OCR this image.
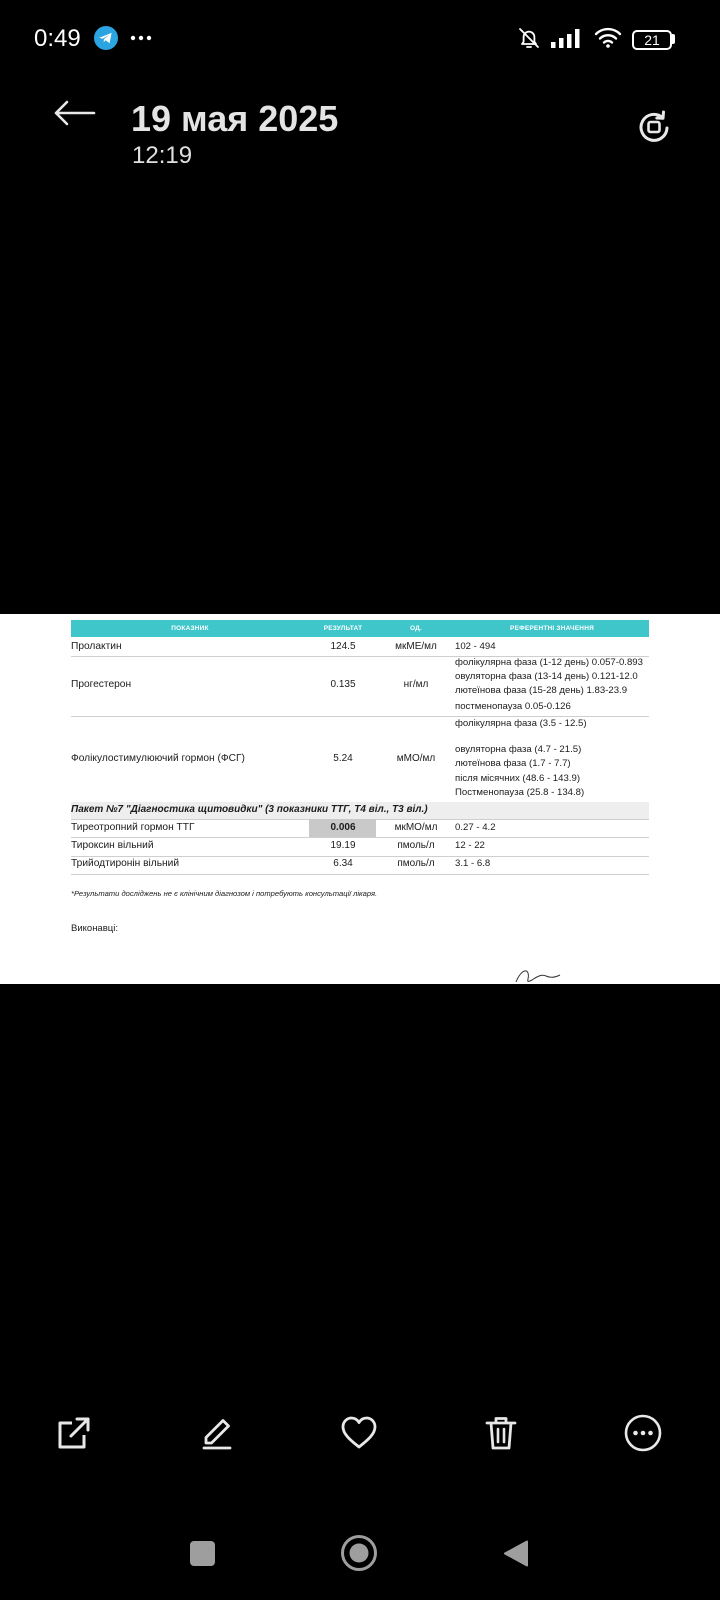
0:49	21
19 мая 2025
12:19
ПОКАЗНИК	РЕЗУЛЬТАТ	ОД.	РЕФЕРЕНТНІ ЗНАЧЕННЯ
Пролактин	124.5	мкМЕ/мл	102 - 494
Прогестерон	0.135	нг/мл
фолікулярна фаза (1-12 день) 0.057-0.893
овуляторна фаза (13-14 день) 0.121-12.0
лютеїнова фаза (15-28 день) 1.83-23.9
постменопауза 0.05-0.126
Фолікулостимулюючий гормон (ФСГ)	5.24	мМО/мл
фолікулярна фаза (3.5 - 12.5)
овуляторна фаза (4.7 - 21.5)
лютеїнова фаза (1.7 - 7.7)
після місячних (48.6 - 143.9)
Постменопауза (25.8 - 134.8)
Пакет №7 "Діагностика щитовидки" (3 показники ТТГ, Т4 віл., Т3 віл.)
Тиреотропний гормон ТТГ	0.006	мкМО/мл	0.27 - 4.2
Тироксин вільний	19.19	пмоль/л	12 - 22
Трийодтиронін вільний	6.34	пмоль/л	3.1 - 6.8
*Результати досліджень не є клінічним діагнозом і потребують консультації лікаря.
Виконавці:
